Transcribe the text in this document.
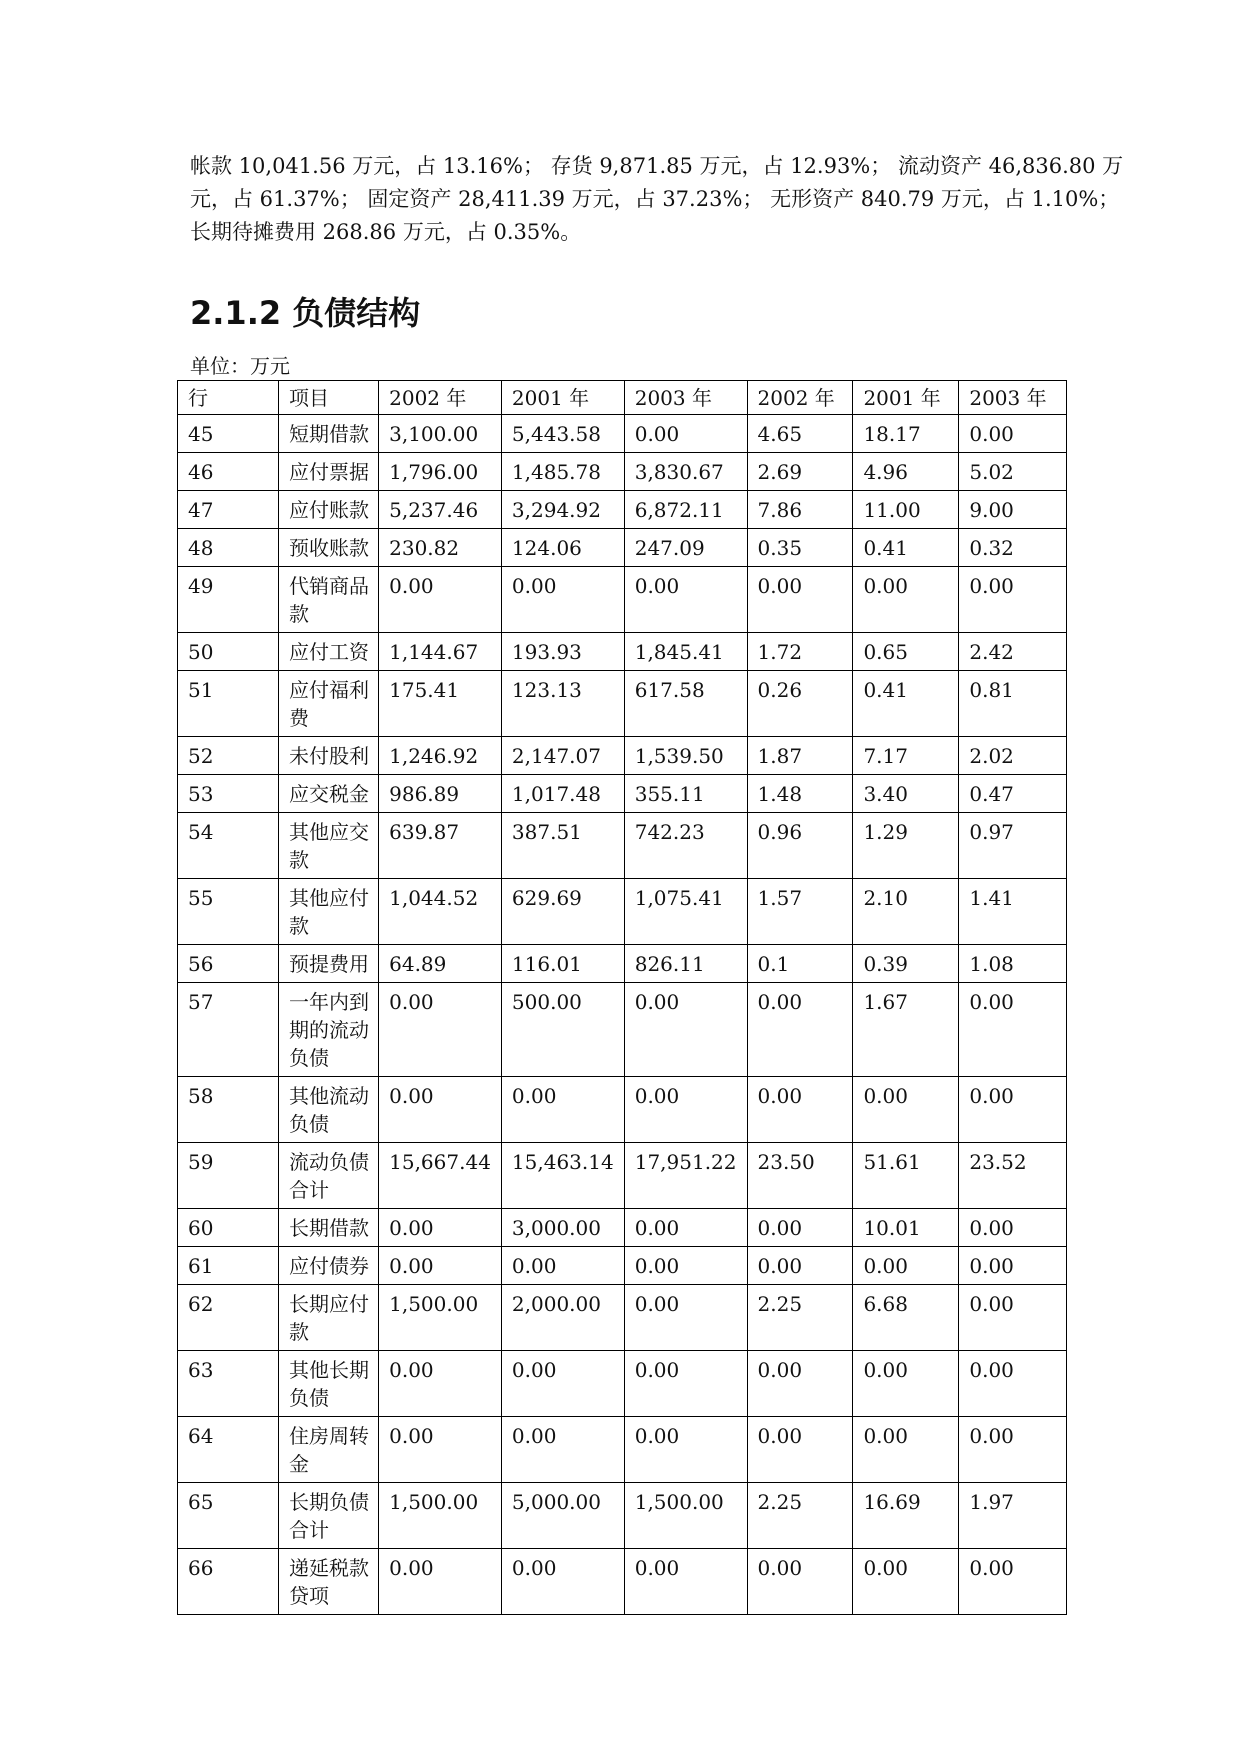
帐款 10,041.56 万元，占 13.16%； 存货 9,871.85 万元，占 12.93%； 流动资产 46,836.80 万
元，占 61.37%； 固定资产 28,411.39 万元，占 37.23%； 无形资产 840.79 万元，占 1.10%；
长期待摊费用 268.86 万元，占 0.35%。
2.1.2 负债结构
单位：万元
行	项目	2002 年	2001 年	2003 年	2002 年	2001 年	2003 年
45	短期借款	3,100.00	5,443.58	0.00	4.65	18.17	0.00
46	应付票据	1,796.00	1,485.78	3,830.67	2.69	4.96	5.02
47	应付账款	5,237.46	3,294.92	6,872.11	7.86	11.00	9.00
48	预收账款	230.82	124.06	247.09	0.35	0.41	0.32
49	代销商品款	0.00	0.00	0.00	0.00	0.00	0.00
50	应付工资	1,144.67	193.93	1,845.41	1.72	0.65	2.42
51	应付福利费	175.41	123.13	617.58	0.26	0.41	0.81
52	未付股利	1,246.92	2,147.07	1,539.50	1.87	7.17	2.02
53	应交税金	986.89	1,017.48	355.11	1.48	3.40	0.47
54	其他应交款	639.87	387.51	742.23	0.96	1.29	0.97
55	其他应付款	1,044.52	629.69	1,075.41	1.57	2.10	1.41
56	预提费用	64.89	116.01	826.11	0.1	0.39	1.08
57	一年内到期的流动负债	0.00	500.00	0.00	0.00	1.67	0.00
58	其他流动负债	0.00	0.00	0.00	0.00	0.00	0.00
59	流动负债合计	15,667.44	15,463.14	17,951.22	23.50	51.61	23.52
60	长期借款	0.00	3,000.00	0.00	0.00	10.01	0.00
61	应付债券	0.00	0.00	0.00	0.00	0.00	0.00
62	长期应付款	1,500.00	2,000.00	0.00	2.25	6.68	0.00
63	其他长期负债	0.00	0.00	0.00	0.00	0.00	0.00
64	住房周转金	0.00	0.00	0.00	0.00	0.00	0.00
65	长期负债合计	1,500.00	5,000.00	1,500.00	2.25	16.69	1.97
66	递延税款贷项	0.00	0.00	0.00	0.00	0.00	0.00
